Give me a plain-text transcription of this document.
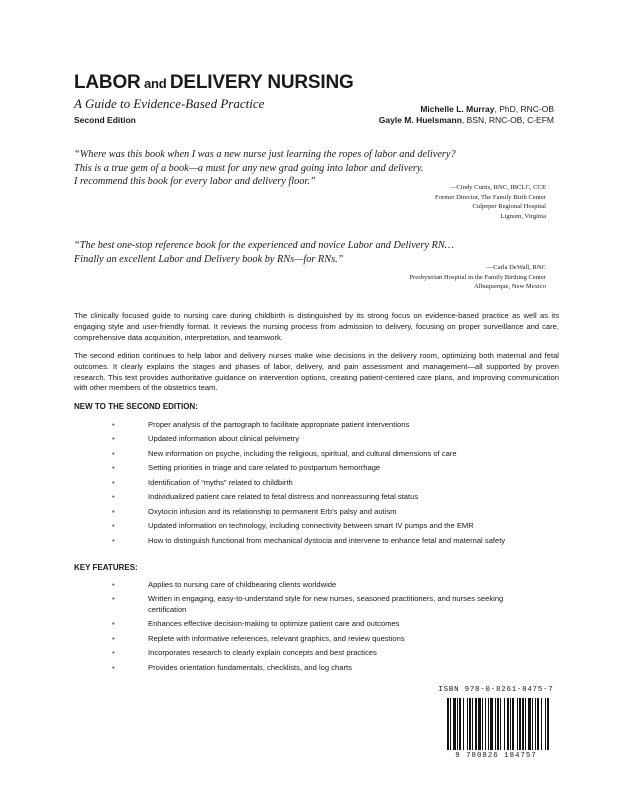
LABOR and DELIVERY NURSING
A Guide to Evidence-Based Practice
Second Edition
Michelle L. Murray, PhD, RNC-OB
Gayle M. Huelsmann, BSN, RNC-OB, C-EFM
“Where was this book when I was a new nurse just learning the ropes of labor and delivery?
This is a true gem of a book—a must for any new grad going into labor and delivery.
I recommend this book for every labor and delivery floor.”
—Cindy Curtis, RNC, IBCLC, CCE
Former Director, The Family Birth Center
Culpeper Regional Hospital
Lignum, Virginia
“The best one-stop reference book for the experienced and novice Labor and Delivery RN…
Finally an excellent Labor and Delivery book by RNs—for RNs.”
—Carla DeWall, RNC
Presbyterian Hospital in the Family Birthing Center
Albuquerque, New Mexico
The clinically focused guide to nursing care during childbirth is distinguished by its strong focus on evidence-based practice as well as its engaging style and user-friendly format. It reviews the nursing process from admission to delivery, focusing on proper surveillance and care, comprehensive data acquisition, interpretation, and teamwork.
The second edition continues to help labor and delivery nurses make wise decisions in the delivery room, optimizing both maternal and fetal outcomes. It clearly explains the stages and phases of labor, delivery, and pain assessment and management—all supported by proven research. This text provides authoritative guidance on intervention options, creating patient-centered care plans, and improving communication with other members of the obstetrics team.
NEW TO THE SECOND EDITION:
•	Proper analysis of the partograph to facilitate appropriate patient interventions
•	Updated information about clinical pelvimetry
•	New information on psyche, including the religious, spiritual, and cultural dimensions of care
•	Setting priorities in triage and care related to postpartum hemorrhage
•	Identification of “myths” related to childbirth
•	Individualized patient care related to fetal distress and nonreassuring fetal status
•	Oxytocin infusion and its relationship to permanent Erb’s palsy and autism
•	Updated information on technology, including connectivity between smart IV pumps and the EMR
•	How to distinguish functional from mechanical dystocia and intervene to enhance fetal and maternal safety
KEY FEATURES:
•	Applies to nursing care of childbearing clients worldwide
•	Written in engaging, easy-to-understand style for new nurses, seasoned practitioners, and nurses seeking certification
•	Enhances effective decision-making to optimize patient care and outcomes
•	Replete with informative references, relevant graphics, and review questions
•	Incorporates research to clearly explain concepts and best practices
•	Provides orientation fundamentals, checklists, and log charts
ISBN 978-0-8261-8475-7
9 780826 184757
